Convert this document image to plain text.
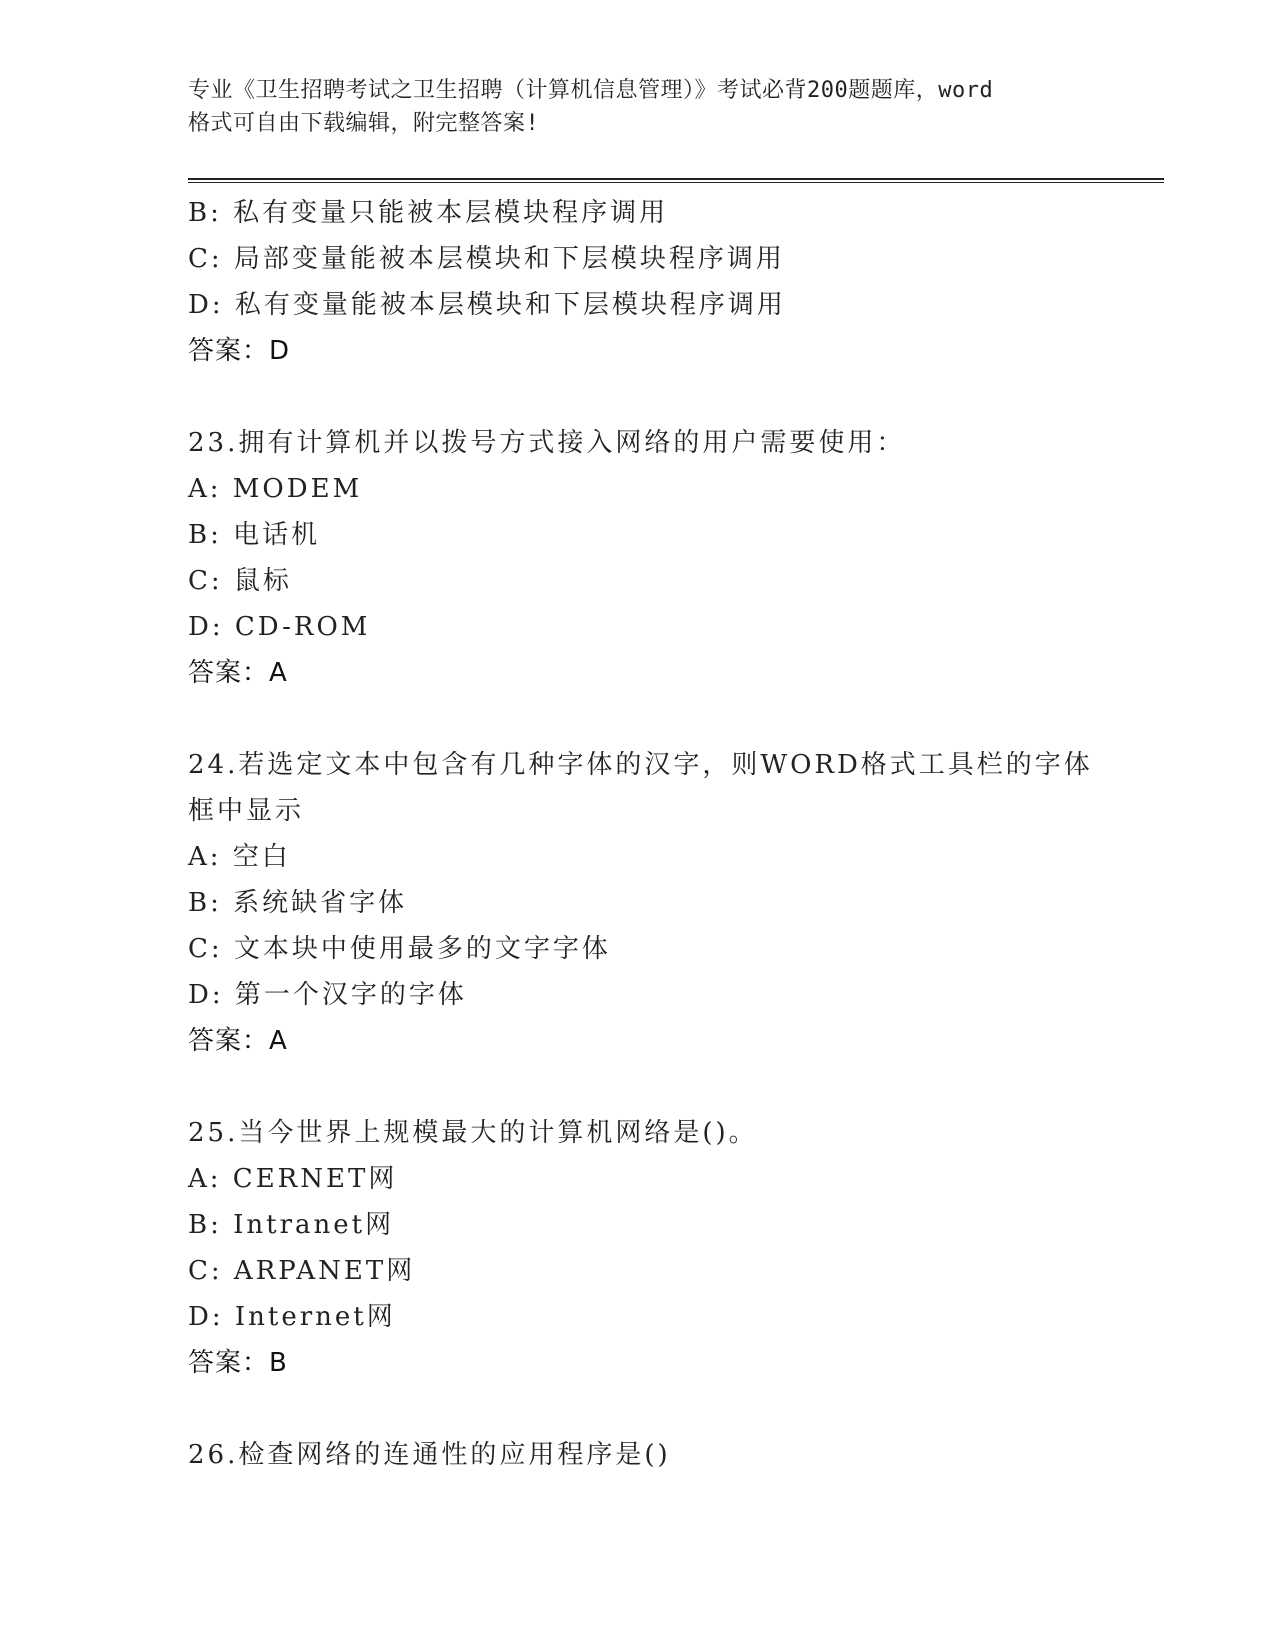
专业《卫生招聘考试之卫生招聘（计算机信息管理）》考试必背200题题库，word
格式可自由下载编辑，附完整答案!
B: 私有变量只能被本层模块程序调用
C: 局部变量能被本层模块和下层模块程序调用
D: 私有变量能被本层模块和下层模块程序调用
答案：D
23.拥有计算机并以拨号方式接入网络的用户需要使用：
A: MODEM
B: 电话机
C: 鼠标
D: CD-ROM
答案：A
24.若选定文本中包含有几种字体的汉字，则WORD格式工具栏的字体
框中显示
A: 空白
B: 系统缺省字体
C: 文本块中使用最多的文字字体
D: 第一个汉字的字体
答案：A
25.当今世界上规模最大的计算机网络是()。
A: CERNET网
B: Intranet网
C: ARPANET网
D: Internet网
答案：B
26.检查网络的连通性的应用程序是()
